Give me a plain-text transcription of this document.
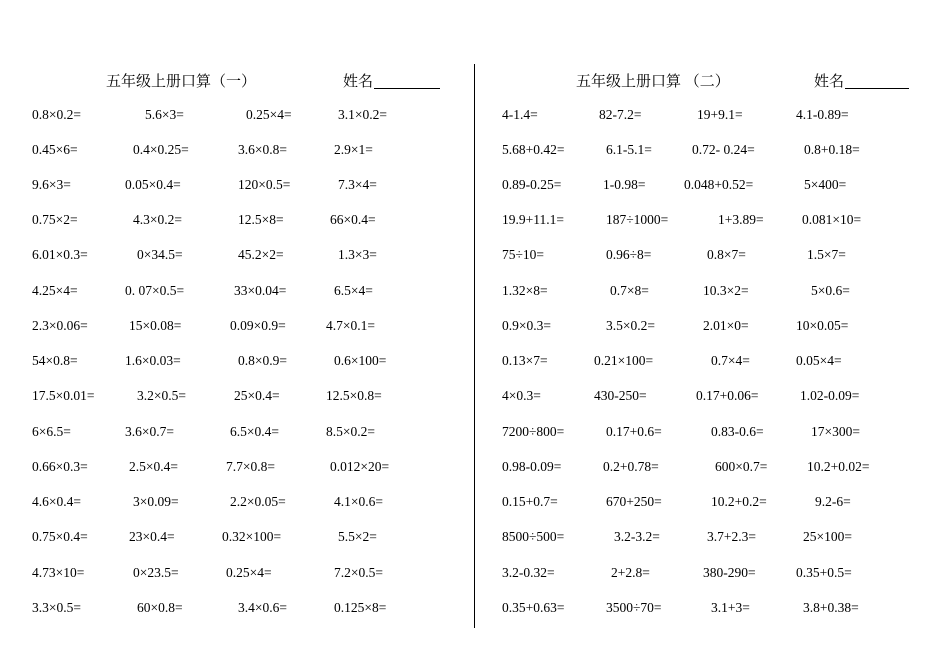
五年级上册口算（一）	姓名
0.8×0.2=	5.6×3=	0.25×4=	3.1×0.2=
0.45×6=	0.4×0.25=	3.6×0.8=	2.9×1=
9.6×3=	0.05×0.4=	120×0.5=	7.3×4=
0.75×2=	4.3×0.2=	12.5×8=	66×0.4=
6.01×0.3=	0×34.5=	45.2×2=	1.3×3=
4.25×4=	0. 07×0.5=	33×0.04=	6.5×4=
2.3×0.06=	15×0.08=	0.09×0.9=	4.7×0.1=
54×0.8=	1.6×0.03=	0.8×0.9=	0.6×100=
17.5×0.01=	3.2×0.5=	25×0.4=	12.5×0.8=
6×6.5=	3.6×0.7=	6.5×0.4=	8.5×0.2=
0.66×0.3=	2.5×0.4=	7.7×0.8=	0.012×20=
4.6×0.4=	3×0.09=	2.2×0.05=	4.1×0.6=
0.75×0.4=	23×0.4=	0.32×100=	5.5×2=
4.73×10=	0×23.5=	0.25×4=	7.2×0.5=
3.3×0.5=	60×0.8=	3.4×0.6=	0.125×8=
五年级上册口算 （二）	姓名
4-1.4=	82-7.2=	19+9.1=	4.1-0.89=
5.68+0.42=	6.1-5.1=	0.72- 0.24=	0.8+0.18=
0.89-0.25=	1-0.98=	0.048+0.52=	5×400=
19.9+11.1=	187÷1000=	1+3.89=	0.081×10=
75÷10=	0.96÷8=	0.8×7=	1.5×7=
1.32×8=	0.7×8=	10.3×2=	5×0.6=
0.9×0.3=	3.5×0.2=	2.01×0=	10×0.05=
0.13×7=	0.21×100=	0.7×4=	0.05×4=
4×0.3=	430-250=	0.17+0.06=	1.02-0.09=
7200÷800=	0.17+0.6=	0.83-0.6=	17×300=
0.98-0.09=	0.2+0.78=	600×0.7=	10.2+0.02=
0.15+0.7=	670+250=	10.2+0.2=	9.2-6=
8500÷500=	3.2-3.2=	3.7+2.3=	25×100=
3.2-0.32=	2+2.8=	380-290=	0.35+0.5=
0.35+0.63=	3500÷70=	3.1+3=	3.8+0.38=
